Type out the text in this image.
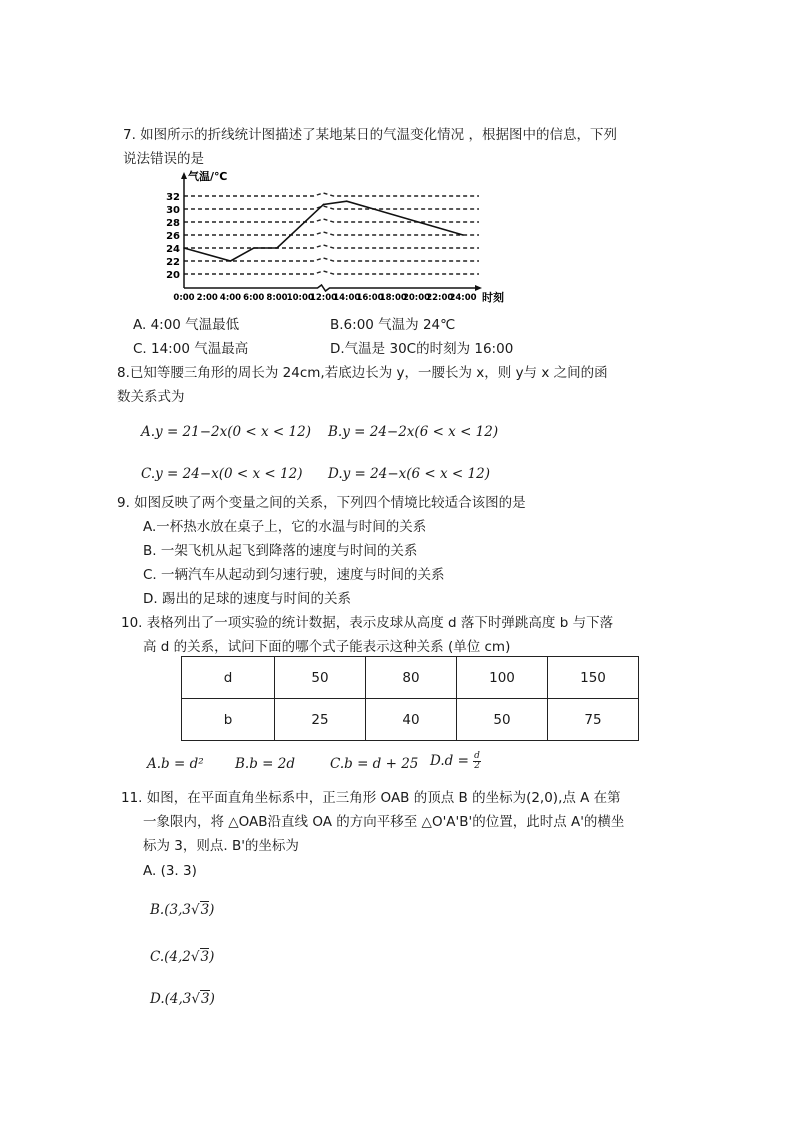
7. 如图所示的折线统计图描述了某地某日的气温变化情况 ，根据图中的信息，下列
说法错误的是
20
22
24
26
28
30
32
0:00 2:00 4:00 6:00 8:00 10:00
12:00
14:00
16:00
18:00
20:00
22:00
24:00
气温/℃
时刻
A. 4:00 气温最低	B.6:00 气温为 24℃
C. 14:00 气温最高	D.气温是 30C的时刻为 16:00
8.已知等腰三角形的周长为 24cm,若底边长为 y，一腰长为 x，则 y与 x 之间的函
数关系式为
A.y = 21−2x(0 < x < 12) B.y = 24−2x(6 < x < 12)
C.y = 24−x(0 < x < 12) D.y = 24−x(6 < x < 12)
9. 如图反映了两个变量之间的关系，下列四个情境比较适合该图的是
A.一杯热水放在桌子上，它的水温与时间的关系
B. 一架飞机从起飞到降落的速度与时间的关系
C. 一辆汽车从起动到匀速行驶，速度与时间的关系
D. 踢出的足球的速度与时间的关系
10. 表格列出了一项实验的统计数据，表示皮球从高度 d 落下时弹跳高度 b 与下落
高 d 的关系，试问下面的哪个式子能表示这种关系 (单位 cm)
d	50	80	100	150
b	25	40	50	75
A.b = d² B.b = 2d	C.b = d + 25 $D.d = \frac{d}{2}$
11. 如图，在平面直角坐标系中，正三角形 OAB 的顶点 B 的坐标为(2,0),点 A 在第
一象限内，将 △OAB沿直线 OA 的方向平移至 △O'A'B'的位置，此时点 A'的横坐
标为 3，则点. B'的坐标为
A. (3. 3)
B.(3,3√3)
C.(4,2√3)
D.(4,3√3)
